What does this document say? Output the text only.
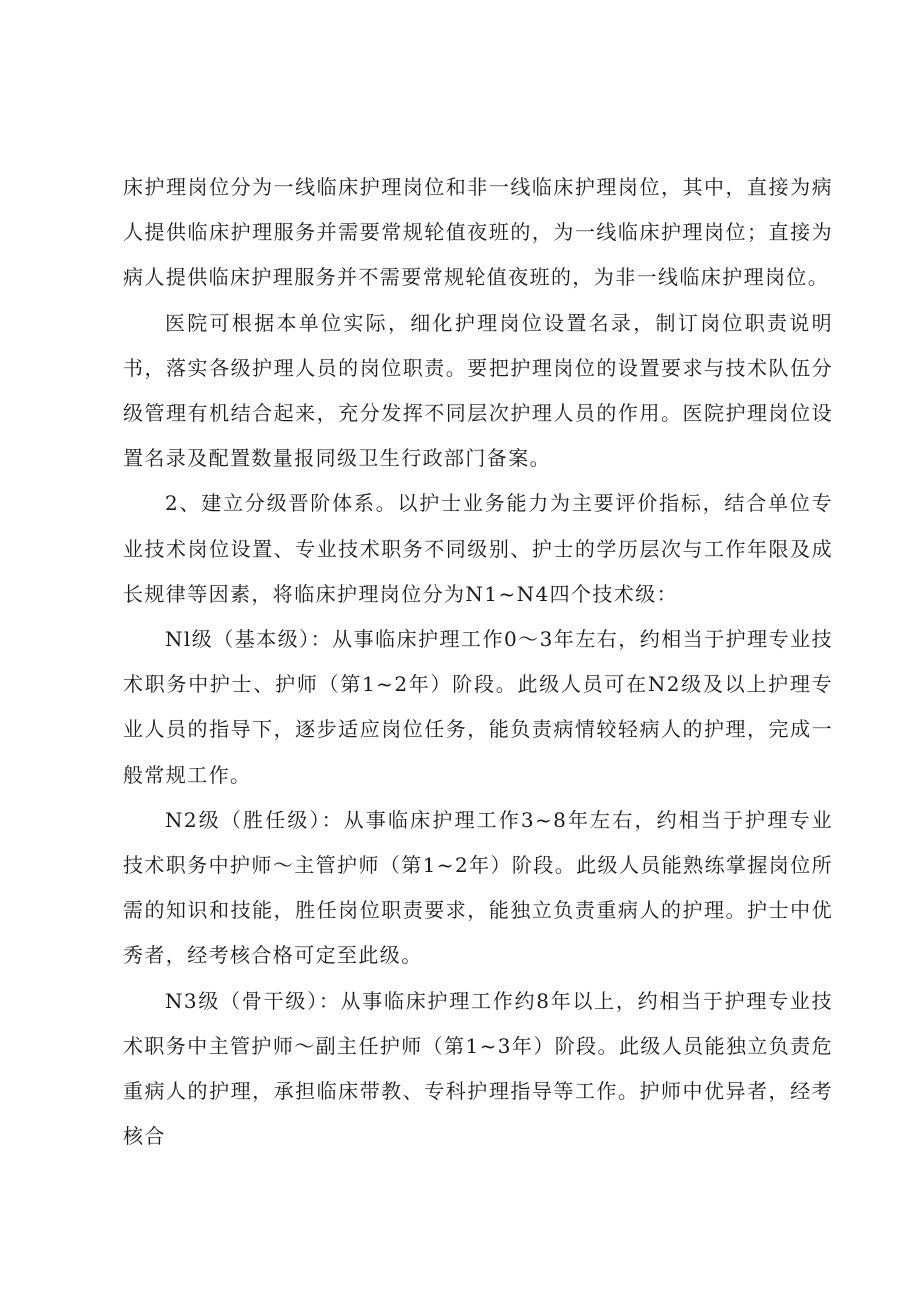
床护理岗位分为一线临床护理岗位和非一线临床护理岗位，其中，直接为病人提供临床护理服务并需要常规轮值夜班的，为一线临床护理岗位；直接为病人提供临床护理服务并不需要常规轮值夜班的，为非一线临床护理岗位。

医院可根据本单位实际，细化护理岗位设置名录，制订岗位职责说明书，落实各级护理人员的岗位职责。要把护理岗位的设置要求与技术队伍分级管理有机结合起来，充分发挥不同层次护理人员的作用。医院护理岗位设置名录及配置数量报同级卫生行政部门备案。

2、建立分级晋阶体系。以护士业务能力为主要评价指标，结合单位专业技术岗位设置、专业技术职务不同级别、护士的学历层次与工作年限及成长规律等因素，将临床护理岗位分为N1~N4四个技术级：

Nl级（基本级）：从事临床护理工作0～3年左右，约相当于护理专业技术职务中护士、护师（第1~2年）阶段。此级人员可在N2级及以上护理专业人员的指导下，逐步适应岗位任务，能负责病情较轻病人的护理，完成一般常规工作。

N2级（胜任级）：从事临床护理工作3~8年左右，约相当于护理专业技术职务中护师～主管护师（第1~2年）阶段。此级人员能熟练掌握岗位所需的知识和技能，胜任岗位职责要求，能独立负责重病人的护理。护士中优秀者，经考核合格可定至此级。

N3级（骨干级）：从事临床护理工作约8年以上，约相当于护理专业技术职务中主管护师～副主任护师（第1~3年）阶段。此级人员能独立负责危重病人的护理，承担临床带教、专科护理指导等工作。护师中优异者，经考核合
